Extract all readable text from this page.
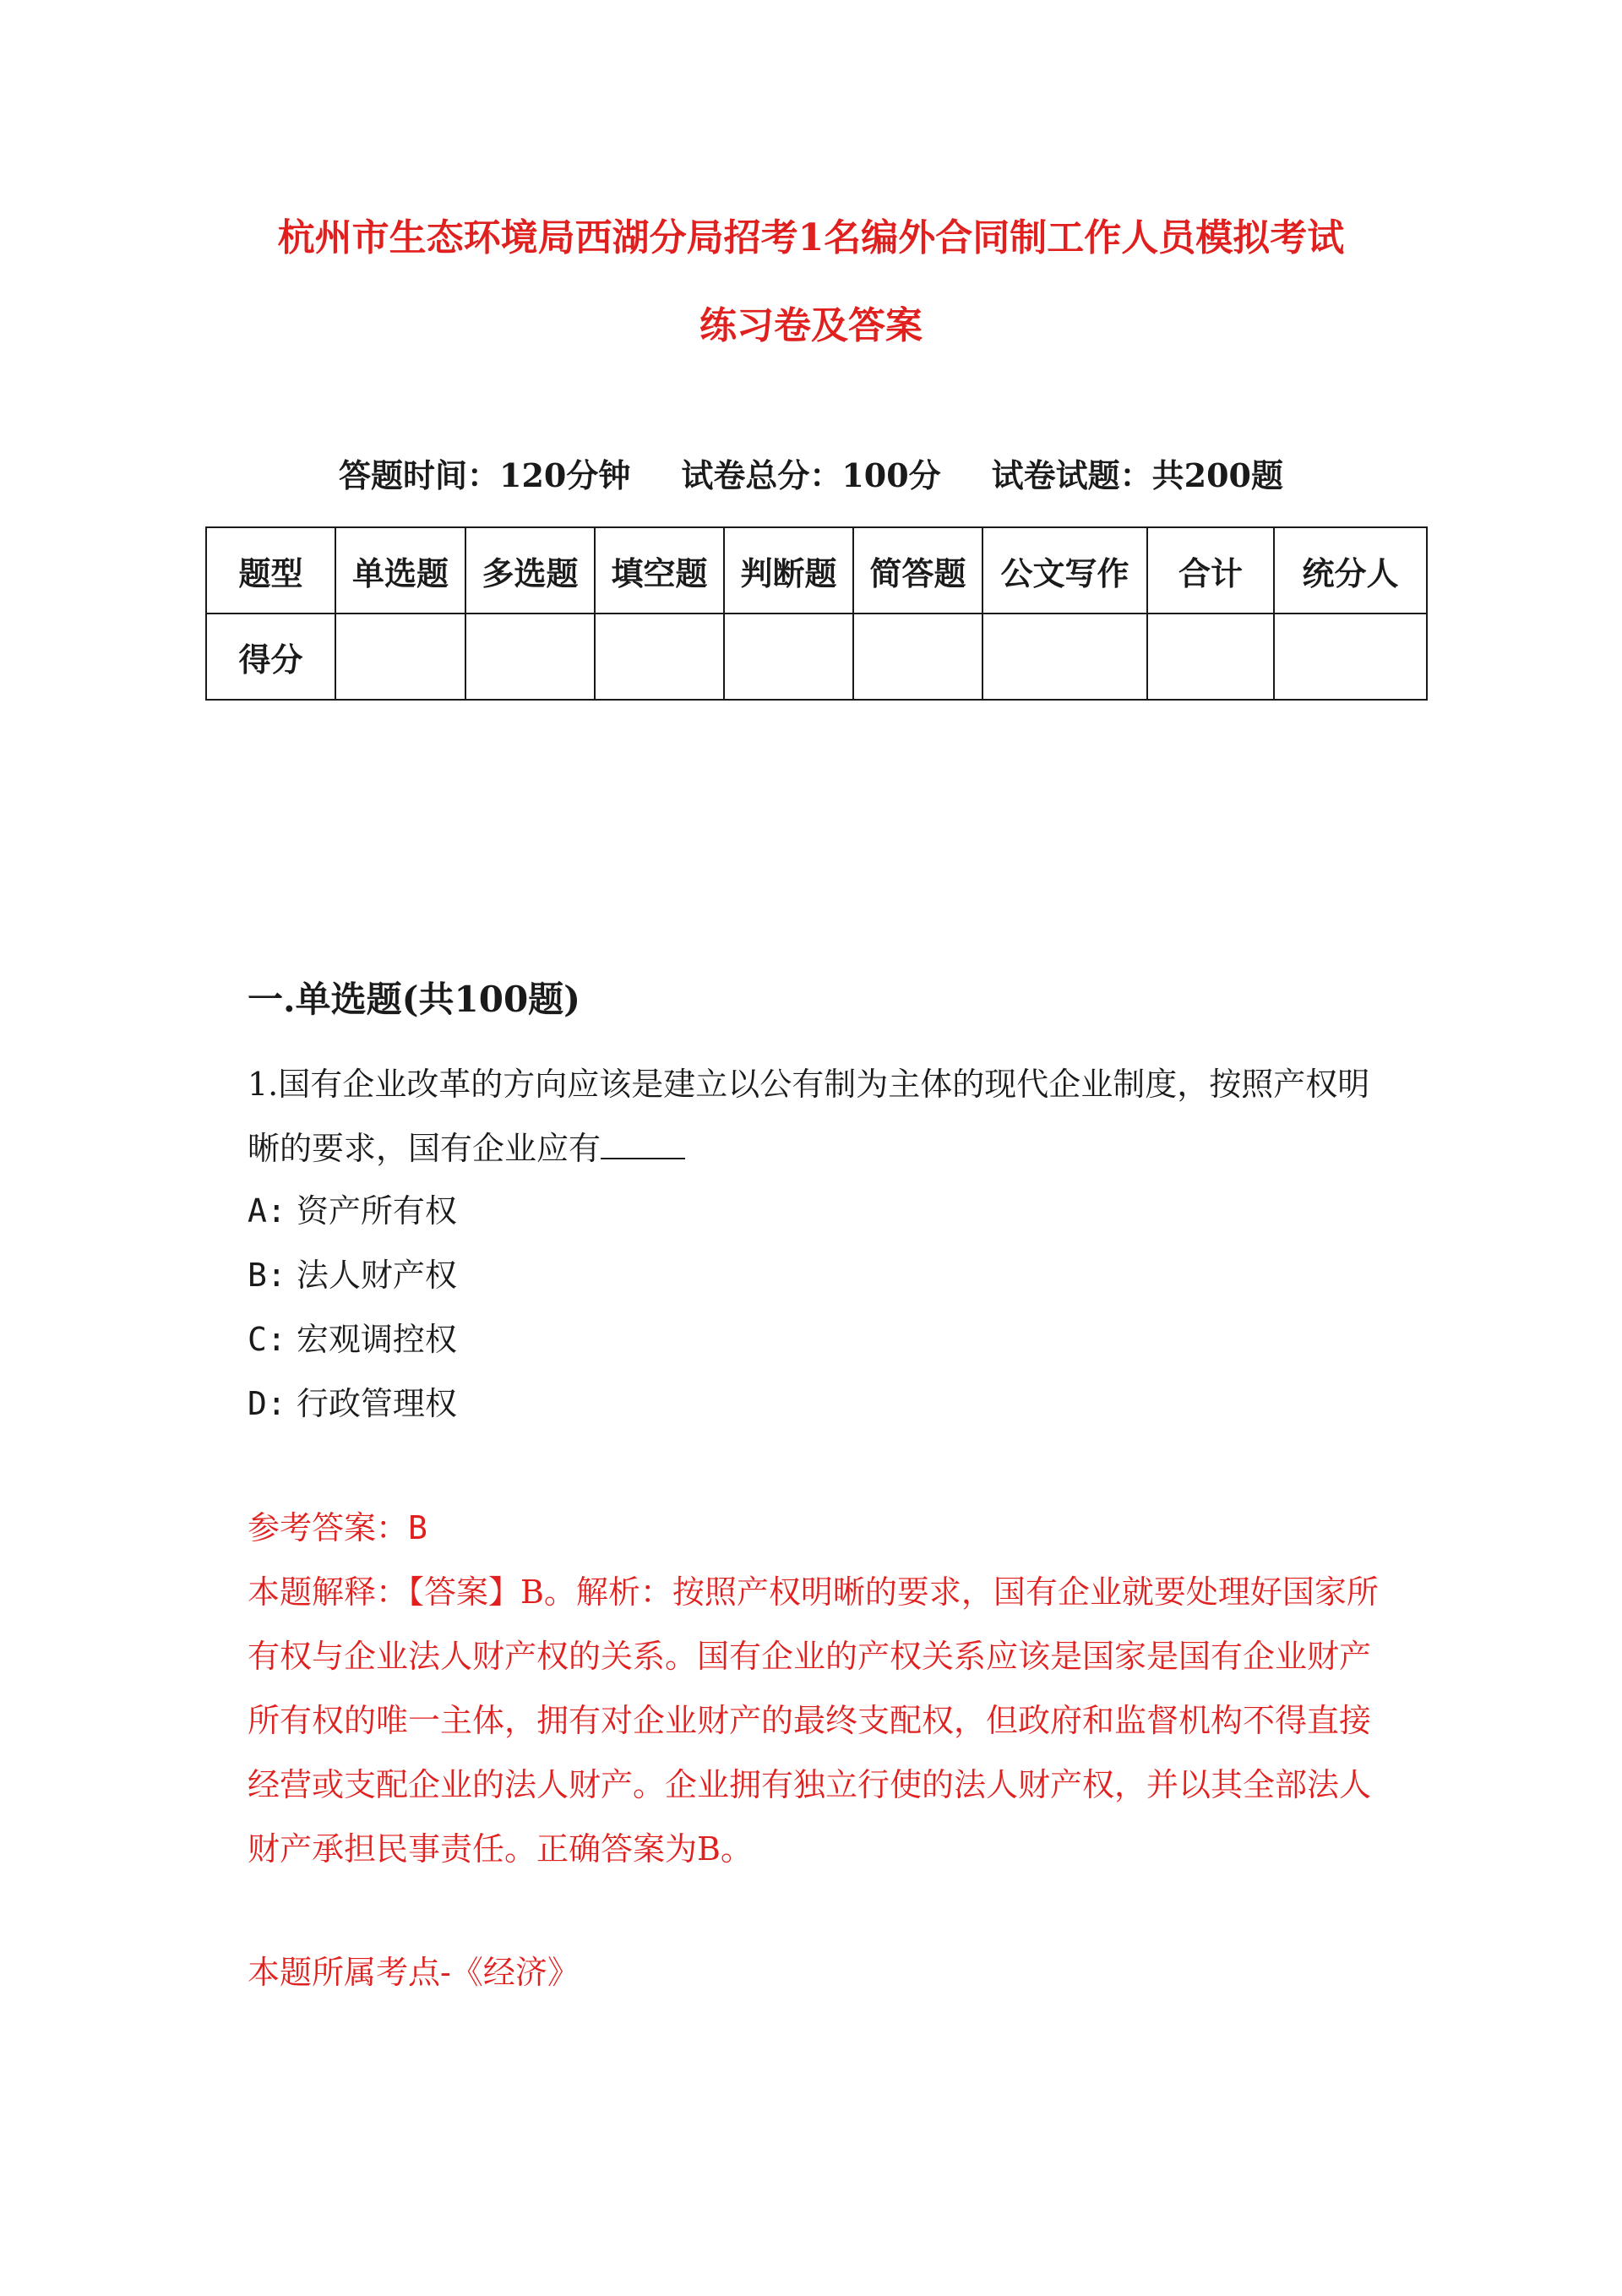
杭州市生态环境局西湖分局招考1名编外合同制工作人员模拟考试
练习卷及答案
答题时间：120分钟 试卷总分：100分 试卷试题：共200题
题型	单选题	多选题	填空题	判断题	简答题	公文写作	合计	统分人
得分								
一.单选题(共100题)
1.国有企业改革的方向应该是建立以公有制为主体的现代企业制度，按照产权明晰的要求，国有企业应有
A: 资产所有权
B: 法人财产权
C: 宏观调控权
D: 行政管理权
参考答案：B
本题解释：【答案】B。解析：按照产权明晰的要求，国有企业就要处理好国家所有权与企业法人财产权的关系。国有企业的产权关系应该是国家是国有企业财产所有权的唯一主体，拥有对企业财产的最终支配权，但政府和监督机构不得直接经营或支配企业的法人财产。企业拥有独立行使的法人财产权，并以其全部法人财产承担民事责任。正确答案为B。
本题所属考点-《经济》
